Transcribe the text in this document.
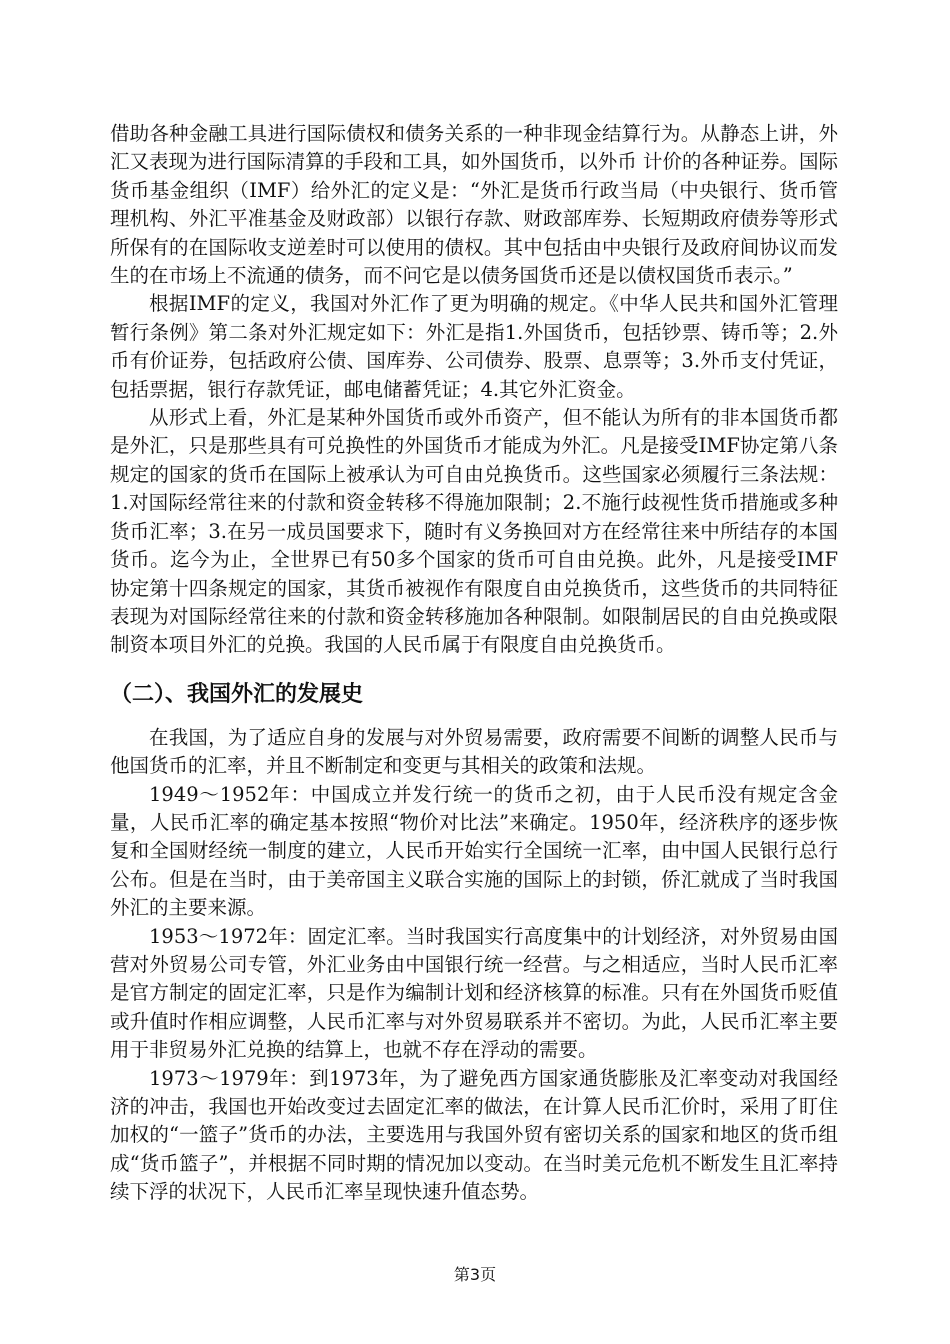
借助各种金融工具进行国际债权和债务关系的一种非现金结算行为。从静态上讲，外汇又表现为进行国际清算的手段和工具，如外国货币，以外币 计价的各种证券。国际货币基金组织（IMF）给外汇的定义是：“外汇是货币行政当局（中央银行、货币管理机构、外汇平准基金及财政部）以银行存款、财政部库券、长短期政府债券等形式所保有的在国际收支逆差时可以使用的债权。其中包括由中央银行及政府间协议而发生的在市场上不流通的债务，而不问它是以债务国货币还是以债权国货币表示。”

根据IMF的定义，我国对外汇作了更为明确的规定。《中华人民共和国外汇管理暂行条例》第二条对外汇规定如下：外汇是指1.外国货币，包括钞票、铸币等；2.外币有价证券，包括政府公债、国库券、公司债券、股票、息票等；3.外币支付凭证，包括票据，银行存款凭证，邮电储蓄凭证；4.其它外汇资金。

从形式上看，外汇是某种外国货币或外币资产，但不能认为所有的非本国货币都是外汇，只是那些具有可兑换性的外国货币才能成为外汇。凡是接受IMF协定第八条规定的国家的货币在国际上被承认为可自由兑换货币。这些国家必须履行三条法规：1.对国际经常往来的付款和资金转移不得施加限制；2.不施行歧视性货币措施或多种货币汇率；3.在另一成员国要求下，随时有义务换回对方在经常往来中所结存的本国货币。迄今为止，全世界已有50多个国家的货币可自由兑换。此外，凡是接受IMF协定第十四条规定的国家，其货币被视作有限度自由兑换货币，这些货币的共同特征表现为对国际经常往来的付款和资金转移施加各种限制。如限制居民的自由兑换或限制资本项目外汇的兑换。我国的人民币属于有限度自由兑换货币。

（二）、我国外汇的发展史

在我国，为了适应自身的发展与对外贸易需要，政府需要不间断的调整人民币与他国货币的汇率，并且不断制定和变更与其相关的政策和法规。

1949～1952年：中国成立并发行统一的货币之初，由于人民币没有规定含金量，人民币汇率的确定基本按照“物价对比法”来确定。1950年，经济秩序的逐步恢复和全国财经统一制度的建立，人民币开始实行全国统一汇率，由中国人民银行总行公布。但是在当时，由于美帝国主义联合实施的国际上的封锁，侨汇就成了当时我国外汇的主要来源。

1953～1972年：固定汇率。当时我国实行高度集中的计划经济，对外贸易由国营对外贸易公司专管，外汇业务由中国银行统一经营。与之相适应，当时人民币汇率是官方制定的固定汇率，只是作为编制计划和经济核算的标准。只有在外国货币贬值或升值时作相应调整，人民币汇率与对外贸易联系并不密切。为此，人民币汇率主要用于非贸易外汇兑换的结算上，也就不存在浮动的需要。

1973～1979年：到1973年，为了避免西方国家通货膨胀及汇率变动对我国经济的冲击，我国也开始改变过去固定汇率的做法，在计算人民币汇价时，采用了盯住加权的“一篮子”货币的办法，主要选用与我国外贸有密切关系的国家和地区的货币组成“货币篮子”，并根据不同时期的情况加以变动。在当时美元危机不断发生且汇率持续下浮的状况下，人民币汇率呈现快速升值态势。

第3页
